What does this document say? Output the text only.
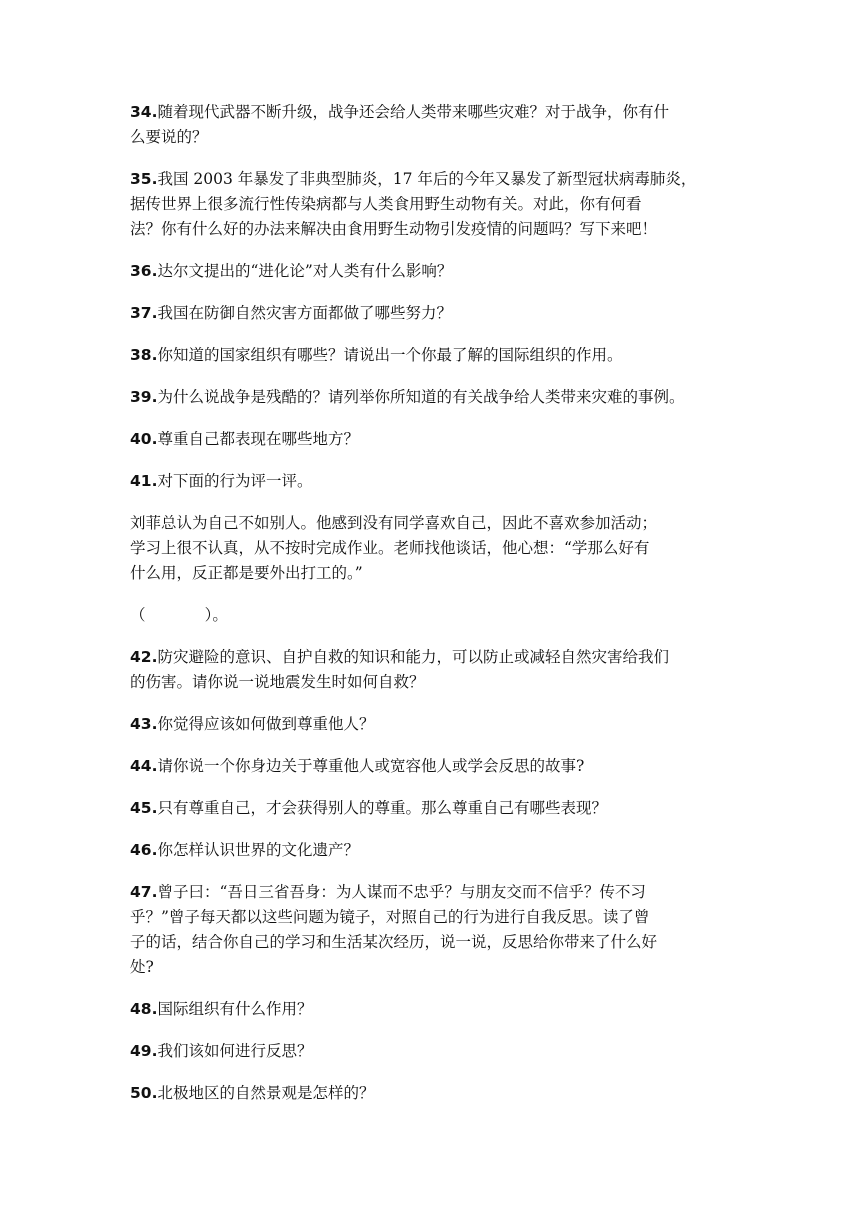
34.随着现代武器不断升级，战争还会给人类带来哪些灾难？对于战争，你有什
么要说的？
35.我国 2003 年暴发了非典型肺炎，17 年后的今年又暴发了新型冠状病毒肺炎，
据传世界上很多流行性传染病都与人类食用野生动物有关。对此，你有何看
法？你有什么好的办法来解决由食用野生动物引发疫情的问题吗？写下来吧！
36.达尔文提出的“进化论”对人类有什么影响？
37.我国在防御自然灾害方面都做了哪些努力？
38.你知道的国家组织有哪些？请说出一个你最了解的国际组织的作用。
39.为什么说战争是残酷的？请列举你所知道的有关战争给人类带来灾难的事例。
40.尊重自己都表现在哪些地方？
41.对下面的行为评一评。
刘菲总认为自己不如别人。他感到没有同学喜欢自己，因此不喜欢参加活动；
学习上很不认真，从不按时完成作业。老师找他谈话，他心想：“学那么好有
什么用，反正都是要外出打工的。”
（            ）。
42.防灾避险的意识、自护自救的知识和能力，可以防止或减轻自然灾害给我们
的伤害。请你说一说地震发生时如何自救？
43.你觉得应该如何做到尊重他人？
44.请你说一个你身边关于尊重他人或宽容他人或学会反思的故事?
45.只有尊重自己，才会获得别人的尊重。那么尊重自己有哪些表现？
46.你怎样认识世界的文化遗产？
47.曾子曰：“吾日三省吾身：为人谋而不忠乎？与朋友交而不信乎？传不习
乎？”曾子每天都以这些问题为镜子，对照自己的行为进行自我反思。读了曾
子的话，结合你自己的学习和生活某次经历，说一说，反思给你带来了什么好
处?
48.国际组织有什么作用？
49.我们该如何进行反思？
50.北极地区的自然景观是怎样的？
